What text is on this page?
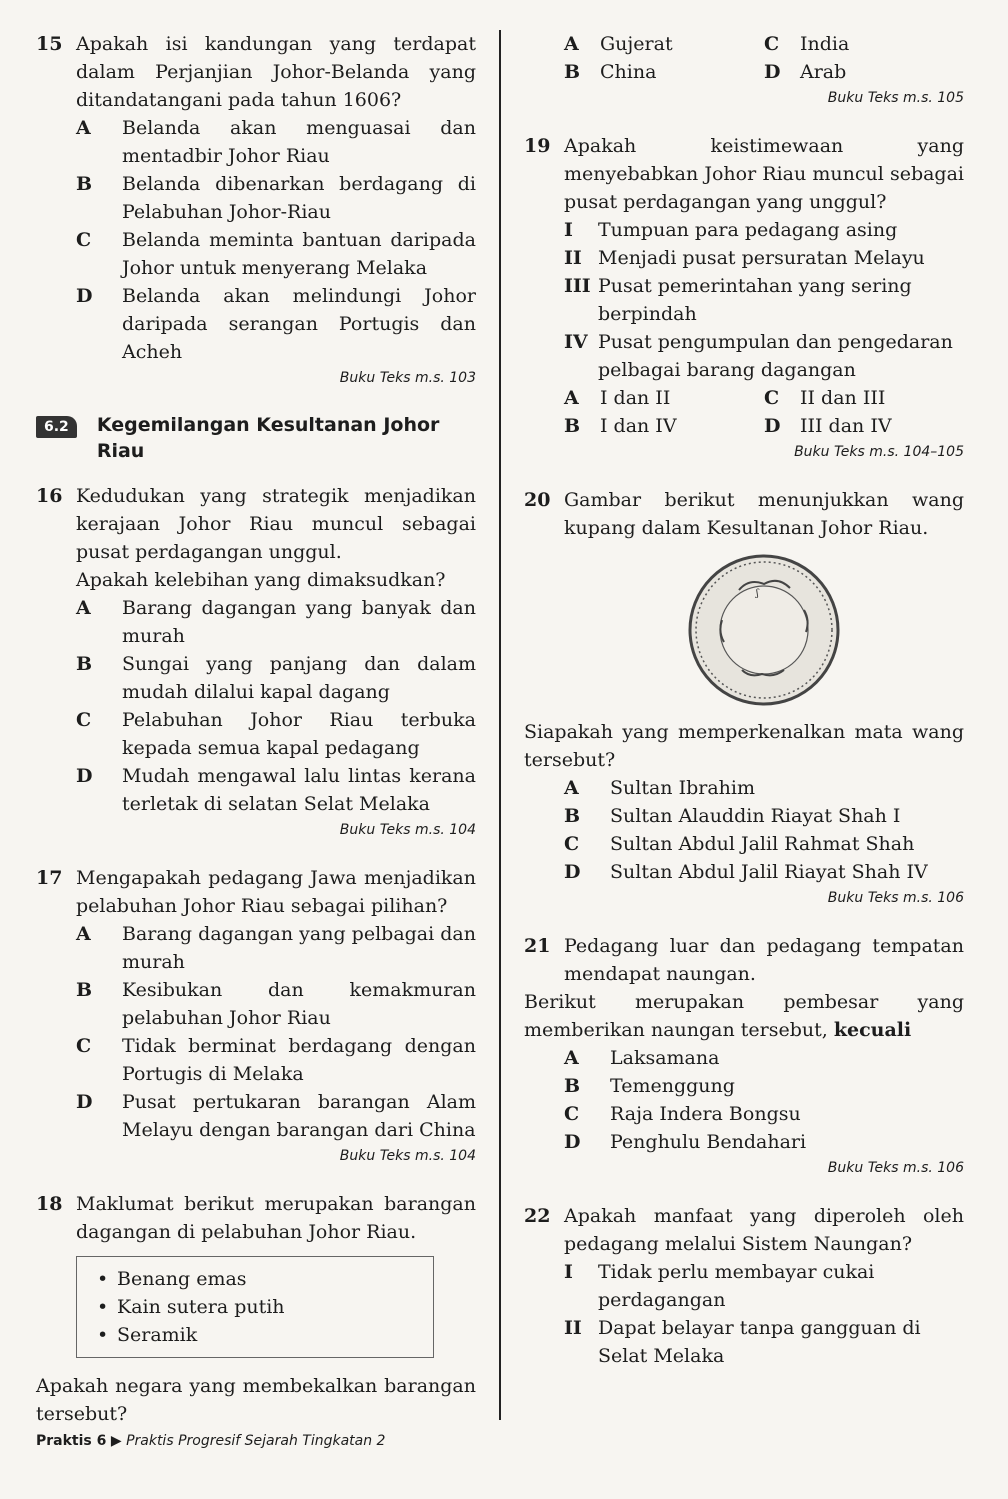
15 Apakah isi kandungan yang terdapat dalam Perjanjian Johor-Belanda yang ditandatangani pada tahun 1606?
A	Belanda akan menguasai dan mentadbir Johor Riau
B	Belanda dibenarkan berdagang di Pelabuhan Johor-Riau
C	Belanda meminta bantuan daripada Johor untuk menyerang Melaka
D	Belanda akan melindungi Johor daripada serangan Portugis dan Acheh
Buku Teks m.s. 103
6.2	Kegemilangan Kesultanan Johor
Riau
16 Kedudukan yang strategik menjadikan kerajaan Johor Riau muncul sebagai pusat perdagangan unggul.
Apakah kelebihan yang dimaksudkan?
A	Barang dagangan yang banyak dan murah
B	Sungai yang panjang dan dalam mudah dilalui kapal dagang
C	Pelabuhan Johor Riau terbuka kepada semua kapal pedagang
D	Mudah mengawal lalu lintas kerana terletak di selatan Selat Melaka
Buku Teks m.s. 104
17 Mengapakah pedagang Jawa menjadikan pelabuhan Johor Riau sebagai pilihan?
A	Barang dagangan yang pelbagai dan murah
B	Kesibukan dan kemakmuran pelabuhan Johor Riau
C	Tidak berminat berdagang dengan Portugis di Melaka
D	Pusat pertukaran barangan Alam Melayu dengan barangan dari China
Buku Teks m.s. 104
18 Maklumat berikut merupakan barangan dagangan di pelabuhan Johor Riau.
• Benang emas
• Kain sutera putih
• Seramik
Apakah negara yang membekalkan barangan tersebut?
A	Gujerat	C	India
B	China	D	Arab
Buku Teks m.s. 105
19 Apakah keistimewaan yang menyebabkan Johor Riau muncul sebagai pusat perdagangan yang unggul?
I	Tumpuan para pedagang asing
II Menjadi pusat persuratan Melayu
III Pusat pemerintahan yang sering berpindah
IV Pusat pengumpulan dan pengedaran pelbagai barang dagangan
A	I dan II	C	II dan III
B	I dan IV	D	III dan IV
Buku Teks m.s. 104–105
20 Gambar berikut menunjukkan wang kupang dalam Kesultanan Johor Riau.
ʃ
Siapakah yang memperkenalkan mata wang tersebut?
A	Sultan Ibrahim
B	Sultan Alauddin Riayat Shah I
C	Sultan Abdul Jalil Rahmat Shah
D	Sultan Abdul Jalil Riayat Shah IV
Buku Teks m.s. 106
21 Pedagang luar dan pedagang tempatan mendapat naungan.
Berikut merupakan pembesar yang memberikan naungan tersebut, kecuali
A	Laksamana
B	Temenggung
C	Raja Indera Bongsu
D	Penghulu Bendahari
Buku Teks m.s. 106
22 Apakah manfaat yang diperoleh oleh pedagang melalui Sistem Naungan?
I	Tidak perlu membayar cukai perdagangan
II Dapat belayar tanpa gangguan di Selat Melaka
Praktis 6 ▶ Praktis Progresif Sejarah Tingkatan 2
